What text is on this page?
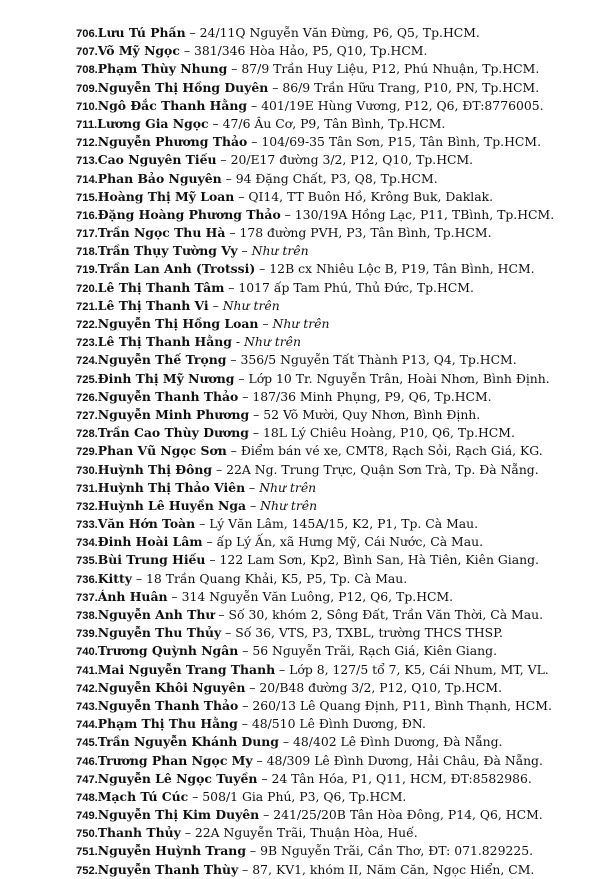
706.Lưu Tú Phấn – 24/11Q Nguyễn Văn Đừng, P6, Q5, Tp.HCM.
707.Võ Mỹ Ngọc – 381/346 Hòa Hảo, P5, Q10, Tp.HCM.
708.Phạm Thùy Nhung – 87/9 Trần Huy Liệu, P12, Phú Nhuận, Tp.HCM.
709.Nguyễn Thị Hồng Duyên – 86/9 Trần Hữu Trang, P10, PN, Tp.HCM.
710.Ngô Đắc Thanh Hằng – 401/19E Hùng Vương, P12, Q6, ĐT:8776005.
711.Lương Gia Ngọc – 47/6 Âu Cơ, P9, Tân Bình, Tp.HCM.
712.Nguyễn Phương Thảo – 104/69-35 Tân Sơn, P15, Tân Bình, Tp.HCM.
713.Cao Nguyên Tiếu – 20/E17 đường 3/2, P12, Q10, Tp.HCM.
714.Phan Bảo Nguyên – 94 Đặng Chất, P3, Q8, Tp.HCM.
715.Hoàng Thị Mỹ Loan – QI14, TT Buôn Hồ, Krông Buk, Daklak.
716.Đặng Hoàng Phương Thảo – 130/19A Hồng Lạc, P11, TBình, Tp.HCM.
717.Trần Ngọc Thu Hà – 178 đường PVH, P3, Tân Bình, Tp.HCM.
718.Trần Thụy Tường Vy – Như trên
719.Trần Lan Anh (Trotssi) – 12B cx Nhiêu Lộc B, P19, Tân Bình, HCM.
720.Lê Thị Thanh Tâm – 1017 ấp Tam Phú, Thủ Đức, Tp.HCM.
721.Lê Thị Thanh Vi – Như trên
722.Nguyễn Thị Hồng Loan – Như trên
723.Lê Thị Thanh Hằng - Như trên
724.Nguyễn Thế Trọng – 356/5 Nguyễn Tất Thành P13, Q4, Tp.HCM.
725.Đinh Thị Mỹ Nương – Lớp 10 Tr. Nguyễn Trân, Hoài Nhơn, Bình Định.
726.Nguyễn Thanh Thảo – 187/36 Minh Phụng, P9, Q6, Tp.HCM.
727.Nguyễn Minh Phương – 52 Võ Mười, Quy Nhơn, Bình Định.
728.Trần Cao Thùy Dương – 18L Lý Chiêu Hoàng, P10, Q6, Tp.HCM.
729.Phan Vũ Ngọc Sơn – Điểm bán vé xe, CMT8, Rạch Sỏi, Rạch Giá, KG.
730.Huỳnh Thị Đông – 22A Ng. Trung Trực, Quận Sơn Trà, Tp. Đà Nẵng.
731.Huỳnh Thị Thảo Viên – Như trên
732.Huỳnh Lê Huyền Nga – Như trên
733.Văn Hớn Toàn – Lý Văn Lâm, 145A/15, K2, P1, Tp. Cà Mau.
734.Đinh Hoài Lâm – ấp Lý Ấn, xã Hưng Mỹ, Cái Nước, Cà Mau.
735.Bùi Trung Hiếu – 122 Lam Sơn, Kp2, Bình San, Hà Tiên, Kiên Giang.
736.Kitty – 18 Trần Quang Khải, K5, P5, Tp. Cà Mau.
737.Ánh Huân – 314 Nguyễn Văn Luông, P12, Q6, Tp.HCM.
738.Nguyễn Anh Thư – Số 30, khóm 2, Sông Đất, Trần Văn Thời, Cà Mau.
739.Nguyễn Thu Thủy – Số 36, VTS, P3, TXBL, trường THCS THSP.
740.Trương Quỳnh Ngân – 56 Nguyễn Trãi, Rạch Giá, Kiên Giang.
741.Mai Nguyễn Trang Thanh – Lớp 8, 127/5 tổ 7, K5, Cái Nhum, MT, VL.
742.Nguyễn Khôi Nguyên – 20/B48 đường 3/2, P12, Q10, Tp.HCM.
743.Nguyễn Thanh Thảo – 260/13 Lê Quang Định, P11, Bình Thạnh, HCM.
744.Phạm Thị Thu Hằng – 48/510 Lê Đình Dương, ĐN.
745.Trần Nguyễn Khánh Dung – 48/402 Lê Đình Dương, Đà Nẵng.
746.Trương Phan Ngọc My – 48/309 Lê Đình Dương, Hải Châu, Đà Nẵng.
747.Nguyễn Lê Ngọc Tuyền – 24 Tân Hóa, P1, Q11, HCM, ĐT:8582986.
748.Mạch Tú Cúc – 508/1 Gia Phú, P3, Q6, Tp.HCM.
749.Nguyễn Thị Kim Duyên – 241/25/20B Tân Hòa Đông, P14, Q6, HCM.
750.Thanh Thủy – 22A Nguyễn Trãi, Thuận Hòa, Huế.
751.Nguyễn Huỳnh Trang – 9B Nguyễn Trãi, Cần Thơ, ĐT: 071.829225.
752.Nguyễn Thanh Thùy – 87, KV1, khóm II, Năm Căn, Ngọc Hiển, CM.
